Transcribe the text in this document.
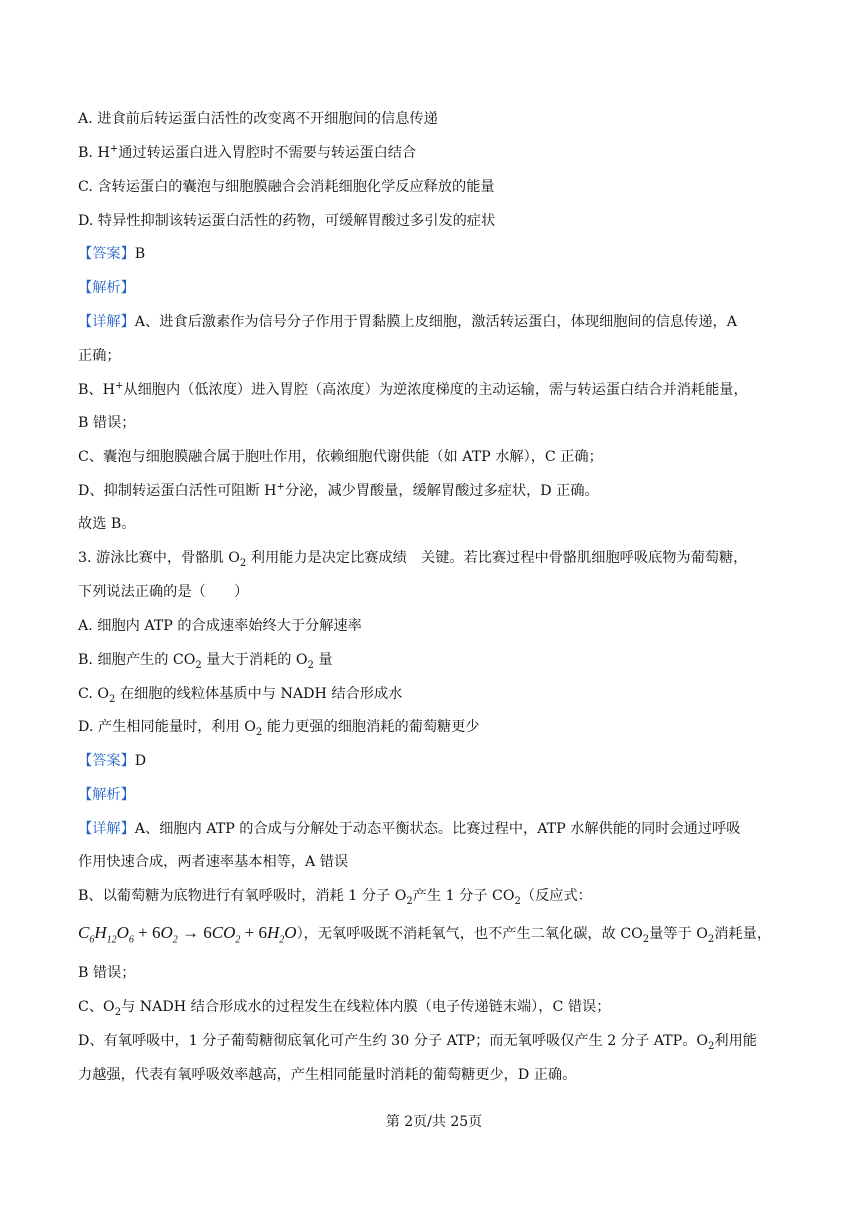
A. 进食前后转运蛋白活性的改变离不开细胞间的信息传递
B. H+通过转运蛋白进入胃腔时不需要与转运蛋白结合
C. 含转运蛋白的囊泡与细胞膜融合会消耗细胞化学反应释放的能量
D. 特异性抑制该转运蛋白活性的药物，可缓解胃酸过多引发的症状
【答案】B
【解析】
【详解】A、进食后激素作为信号分子作用于胃黏膜上皮细胞，激活转运蛋白，体现细胞间的信息传递，A
正确；
B、H+从细胞内（低浓度）进入胃腔（高浓度）为逆浓度梯度的主动运输，需与转运蛋白结合并消耗能量，
B 错误；
C、囊泡与细胞膜融合属于胞吐作用，依赖细胞代谢供能（如 ATP 水解），C 正确；
D、抑制转运蛋白活性可阻断 H+分泌，减少胃酸量，缓解胃酸过多症状，D 正确。
故选 B。
3. 游泳比赛中，骨骼肌 $O_2$ 利用能力是决定比赛成绩　关键。若比赛过程中骨骼肌细胞呼吸底物为葡萄糖，
下列说法正确的是（　　）
A. 细胞内 ATP 的合成速率始终大于分解速率
B. 细胞产生的 $CO_2$ 量大于消耗的 $O_2$ 量
C. $O_2$ 在细胞的线粒体基质中与 NADH 结合形成水
D. 产生相同能量时，利用 $O_2$ 能力更强的细胞消耗的葡萄糖更少
【答案】D
【解析】
【详解】A、细胞内 ATP 的合成与分解处于动态平衡状态。比赛过程中，ATP 水解供能的同时会通过呼吸
作用快速合成，两者速率基本相等，A 错误
B、以葡萄糖为底物进行有氧呼吸时，消耗 1 分子 $O_2$产生 1 分子 $CO_2$（反应式：
$C_6H_{12}O_6 + 6O_2 \to 6CO_2 + 6H_2O$），无氧呼吸既不消耗氧气，也不产生二氧化碳，故 $CO_2$量等于 $O_2$消耗量，
B 错误；
C、$O_2$与 NADH 结合形成水的过程发生在线粒体内膜（电子传递链末端），C 错误；
D、有氧呼吸中，1 分子葡萄糖彻底氧化可产生约 30 分子 ATP；而无氧呼吸仅产生 2 分子 ATP。$O_2$利用能
力越强，代表有氧呼吸效率越高，产生相同能量时消耗的葡萄糖更少，D 正确。
第 2页/共 25页
